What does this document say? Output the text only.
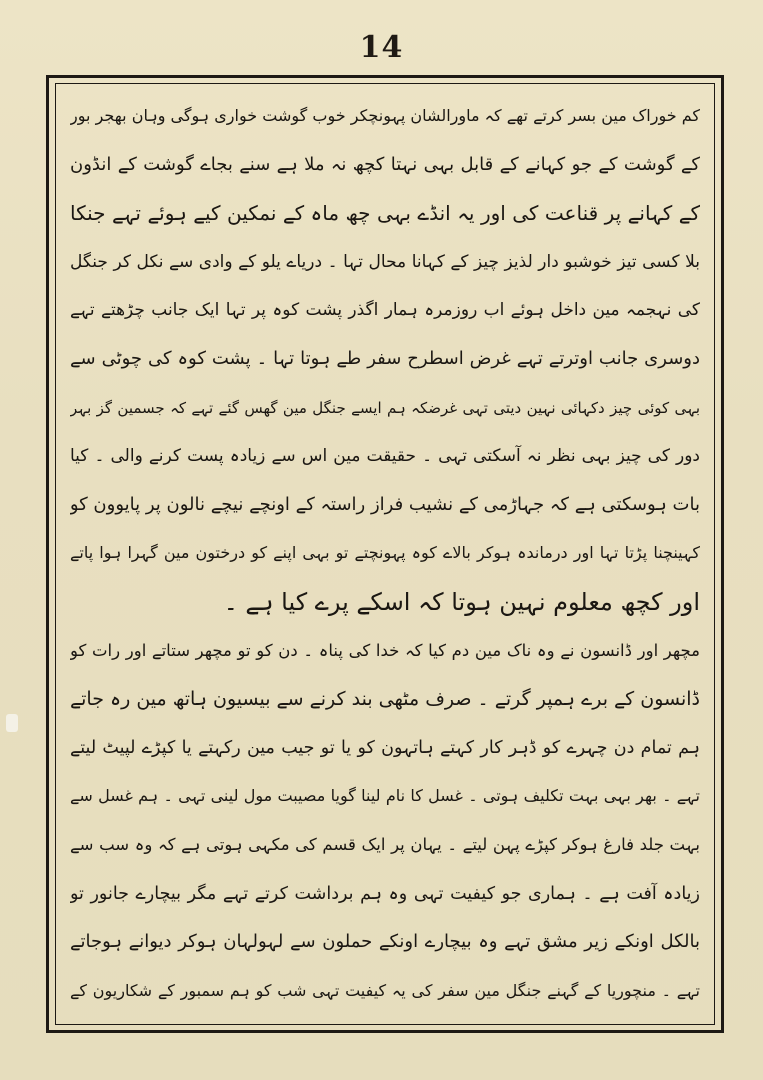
14
کم خوراک مین بسر کرتے تھے کہ ماورالشان پہونچکر خوب گوشت خواری ہوگی وہان بھجر بور
کے گوشت کے جو کہانے کے قابل بہی نہتا کچھ نہ ملا ہے سنے بجاے گوشت کے انڈون
کے کہانے پر قناعت کی اور یہ انڈے بہی چھ ماہ کے نمکین کیے ہوئے تہے جنکا
بلا کسی تیز خوشبو دار لذیز چیز کے کہانا محال تہا ۔ دریاے یلو کے وادی سے نکل کر جنگل
کی نہجمہ مین داخل ہوئے اب روزمرہ ہمار اگذر پشت کوہ پر تہا ایک جانب چڑھتے تہے
دوسری جانب اوترتے تہے غرض اسطرح سفر طے ہوتا تہا ۔ پشت کوہ کی چوٹی سے
بہی کوئی چیز دکہائی نہین دیتی تہی غرضکہ ہم ایسے جنگل مین گھس گئے تہے کہ جسمین گز بہر
دور کی چیز بہی نظر نہ آسکتی تہی ۔ حقیقت مین اس سے زیادہ پست کرنے والی ۔ کیا
بات ہوسکتی ہے کہ جہاڑمی کے نشیب فراز راستہ کے اونچے نیچے نالون پر پایوون کو
کہینچنا پڑتا تہا اور درماندہ ہوکر بالاے کوہ پہونچتے تو بہی اپنے کو درختون مین گہرا ہوا پاتے
اور کچھ معلوم نہین ہوتا کہ اسکے پرے کیا ہے ۔
مچھر اور ڈانسون نے وہ ناک مین دم کیا کہ خدا کی پناہ ۔ دن کو تو مچھر ستاتے اور رات کو
ڈانسون کے برے ہمپر گرتے ۔ صرف مٹھی بند کرنے سے بیسیون ہاتھ مین رہ جاتے
ہم تمام دن چہرے کو ڈہر کار کہتے ہاتہون کو یا تو جیب مین رکہتے یا کپڑے لپیٹ لیتے
تہے ۔ بھر بہی بہت تکلیف ہوتی ۔ غسل کا نام لینا گویا مصیبت مول لینی تہی ۔ ہم غسل سے
بہت جلد فارغ ہوکر کپڑے پہن لیتے ۔ یہان پر ایک قسم کی مکہی ہوتی ہے کہ وہ سب سے
زیادہ آفت ہے ۔ ہماری جو کیفیت تہی وہ ہم برداشت کرتے تہے مگر بیچارے جانور تو
بالکل اونکے زیر مشق تہے وہ بیچارے اونکے حملون سے لہولہان ہوکر دیوانے ہوجاتے
تہے ۔ منچوریا کے گہنے جنگل مین سفر کی یہ کیفیت تہی شب کو ہم سمبور کے شکاریون کے
